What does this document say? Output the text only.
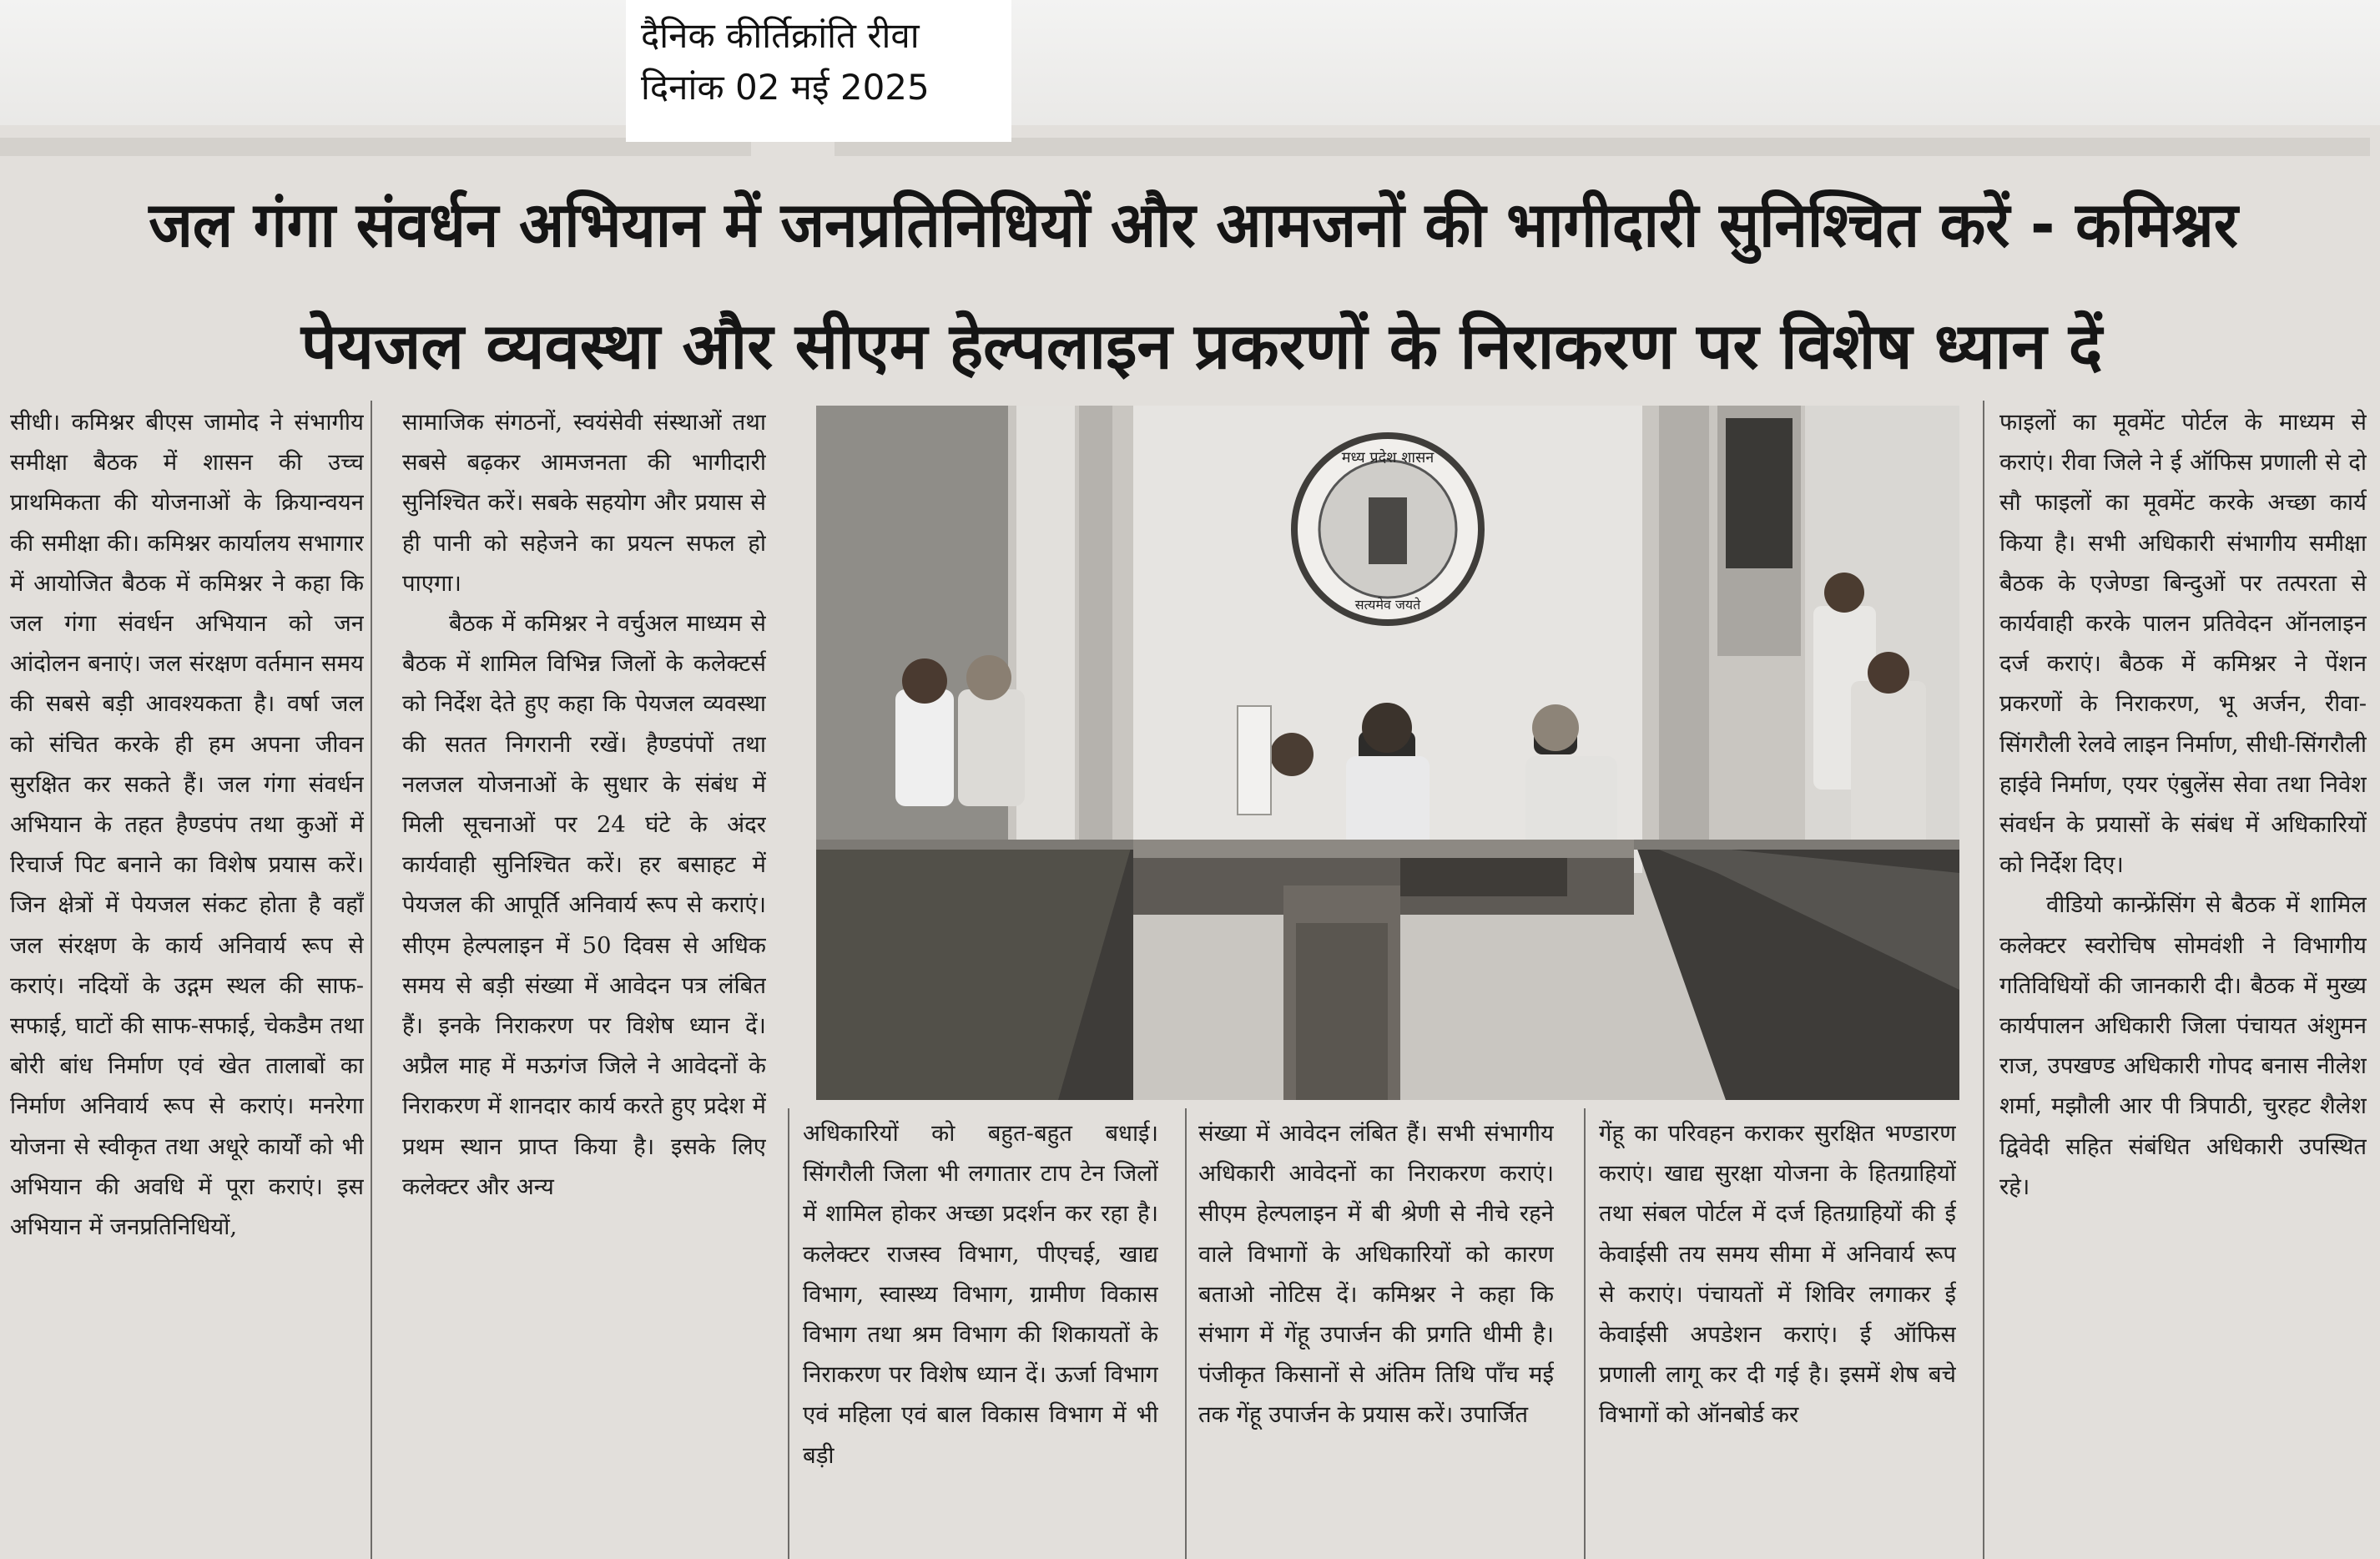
दैनिक कीर्तिक्रांति रीवा
दिनांक 02 मई 2025
जल गंगा संवर्धन अभियान में जनप्रतिनिधियों और आमजनों की भागीदारी सुनिश्चित करें - कमिश्नर
पेयजल व्यवस्था और सीएम हेल्पलाइन प्रकरणों के निराकरण पर विशेष ध्यान दें

सीधी। कमिश्नर बीएस जामोद ने संभागीय समीक्षा बैठक में शासन की उच्च प्राथमिकता की योजनाओं के क्रियान्वयन की समीक्षा की। कमिश्नर कार्यालय सभागार में आयोजित बैठक में कमिश्नर ने कहा कि जल गंगा संवर्धन अभियान को जन आंदोलन बनाएं। जल संरक्षण वर्तमान समय की सबसे बड़ी आवश्यकता है। वर्षा जल को संचित करके ही हम अपना जीवन सुरक्षित कर सकते हैं। जल गंगा संवर्धन अभियान के तहत हैण्डपंप तथा कुओं में रिचार्ज पिट बनाने का विशेष प्रयास करें। जिन क्षेत्रों में पेयजल संकट होता है वहाँ जल संरक्षण के कार्य अनिवार्य रूप से कराएं। नदियों के उद्गम स्थल की साफ-सफाई, घाटों की साफ-सफाई, चेकडैम तथा बोरी बांध निर्माण एवं खेत तालाबों का निर्माण अनिवार्य रूप से कराएं। मनरेगा योजना से स्वीकृत तथा अधूरे कार्यों को भी अभियान की अवधि में पूरा कराएं। इस अभियान में जनप्रतिनिधियों,

सामाजिक संगठनों, स्वयंसेवी संस्थाओं तथा सबसे बढ़कर आमजनता की भागीदारी सुनिश्चित करें। सबके सहयोग और प्रयास से ही पानी को सहेजने का प्रयत्न सफल हो पाएगा।

बैठक में कमिश्नर ने वर्चुअल माध्यम से बैठक में शामिल विभिन्न जिलों के कलेक्टर्स को निर्देश देते हुए कहा कि पेयजल व्यवस्था की सतत निगरानी रखें। हैण्डपंपों तथा नलजल योजनाओं के सुधार के संबंध में मिली सूचनाओं पर 24 घंटे के अंदर कार्यवाही सुनिश्चित करें। हर बसाहट में पेयजल की आपूर्ति अनिवार्य रूप से कराएं। सीएम हेल्पलाइन में 50 दिवस से अधिक समय से बड़ी संख्या में आवेदन पत्र लंबित हैं। इनके निराकरण पर विशेष ध्यान दें। अप्रैल माह में मऊगंज जिले ने आवेदनों के निराकरण में शानदार कार्य करते हुए प्रदेश में प्रथम स्थान प्राप्त किया है। इसके लिए कलेक्टर और अन्य

अधिकारियों को बहुत-बहुत बधाई। सिंगरौली जिला भी लगातार टाप टेन जिलों में शामिल होकर अच्छा प्रदर्शन कर रहा है। कलेक्टर राजस्व विभाग, पीएचई, खाद्य विभाग, स्वास्थ्य विभाग, ग्रामीण विकास विभाग तथा श्रम विभाग की शिकायतों के निराकरण पर विशेष ध्यान दें। ऊर्जा विभाग एवं महिला एवं बाल विकास विभाग में भी बड़ी

संख्या में आवेदन लंबित हैं। सभी संभागीय अधिकारी आवेदनों का निराकरण कराएं। सीएम हेल्पलाइन में बी श्रेणी से नीचे रहने वाले विभागों के अधिकारियों को कारण बताओ नोटिस दें। कमिश्नर ने कहा कि संभाग में गेंहू उपार्जन की प्रगति धीमी है। पंजीकृत किसानों से अंतिम तिथि पाँच मई तक गेंहू उपार्जन के प्रयास करें। उपार्जित

गेंहू का परिवहन कराकर सुरक्षित भण्डारण कराएं। खाद्य सुरक्षा योजना के हितग्राहियों तथा संबल पोर्टल में दर्ज हितग्राहियों की ई केवाईसी तय समय सीमा में अनिवार्य रूप से कराएं। पंचायतों में शिविर लगाकर ई केवाईसी अपडेशन कराएं। ई ऑफिस प्रणाली लागू कर दी गई है। इसमें शेष बचे विभागों को ऑनबोर्ड कर

फाइलों का मूवमेंट पोर्टल के माध्यम से कराएं। रीवा जिले ने ई ऑफिस प्रणाली से दो सौ फाइलों का मूवमेंट करके अच्छा कार्य किया है। सभी अधिकारी संभागीय समीक्षा बैठक के एजेण्डा बिन्दुओं पर तत्परता से कार्यवाही करके पालन प्रतिवेदन ऑनलाइन दर्ज कराएं। बैठक में कमिश्नर ने पेंशन प्रकरणों के निराकरण, भू अर्जन, रीवा-सिंगरौली रेलवे लाइन निर्माण, सीधी-सिंगरौली हाईवे निर्माण, एयर एंबुलेंस सेवा तथा निवेश संवर्धन के प्रयासों के संबंध में अधिकारियों को निर्देश दिए।

वीडियो कान्फ्रेंसिंग से बैठक में शामिल कलेक्टर स्वरोचिष सोमवंशी ने विभागीय गतिविधियों की जानकारी दी। बैठक में मुख्य कार्यपालन अधिकारी जिला पंचायत अंशुमन राज, उपखण्ड अधिकारी गोपद बनास नीलेश शर्मा, मझौली आर पी त्रिपाठी, चुरहट शैलेश द्विवेदी सहित संबंधित अधिकारी उपस्थित रहे।

मध्य प्रदेश शासन
सत्यमेव जयते
